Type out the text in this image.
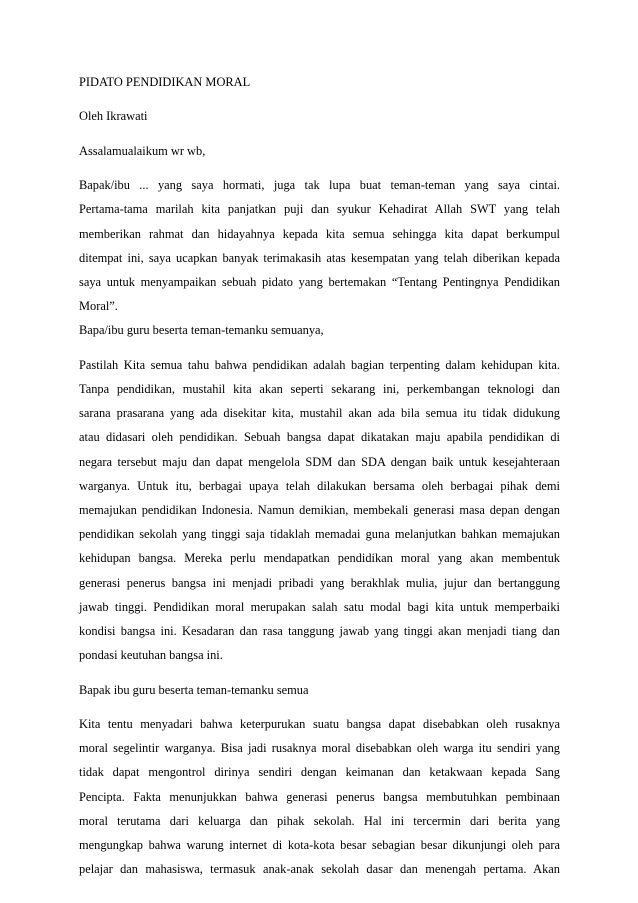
PIDATO PENDIDIKAN MORAL
Oleh Ikrawati
Assalamualaikum wr wb,
Bapak/ibu ... yang saya hormati, juga tak lupa buat teman-teman yang saya cintai.
Pertama-tama marilah kita panjatkan puji dan syukur Kehadirat Allah SWT yang telah
memberikan rahmat dan hidayahnya kepada kita semua sehingga kita dapat berkumpul
ditempat ini, saya ucapkan banyak terimakasih atas kesempatan yang telah diberikan kepada
saya untuk menyampaikan sebuah pidato yang bertemakan “Tentang Pentingnya Pendidikan
Moral”.
Bapa/ibu guru beserta teman-temanku semuanya,
Pastilah Kita semua tahu bahwa pendidikan adalah bagian terpenting dalam kehidupan kita.
Tanpa pendidikan, mustahil kita akan seperti sekarang ini, perkembangan teknologi dan
sarana prasarana yang ada disekitar kita, mustahil akan ada bila semua itu tidak didukung
atau didasari oleh pendidikan. Sebuah bangsa dapat dikatakan maju apabila pendidikan di
negara tersebut maju dan dapat mengelola SDM dan SDA dengan baik untuk kesejahteraan
warganya. Untuk itu, berbagai upaya telah dilakukan bersama oleh berbagai pihak demi
memajukan pendidikan Indonesia. Namun demikian, membekali generasi masa depan dengan
pendidikan sekolah yang tinggi saja tidaklah memadai guna melanjutkan bahkan memajukan
kehidupan bangsa. Mereka perlu mendapatkan pendidikan moral yang akan membentuk
generasi penerus bangsa ini menjadi pribadi yang berakhlak mulia, jujur dan bertanggung
jawab tinggi. Pendidikan moral merupakan salah satu modal bagi kita untuk memperbaiki
kondisi bangsa ini. Kesadaran dan rasa tanggung jawab yang tinggi akan menjadi tiang dan
pondasi keutuhan bangsa ini.
Bapak ibu guru beserta teman-temanku semua
Kita tentu menyadari bahwa keterpurukan suatu bangsa dapat disebabkan oleh rusaknya
moral segelintir warganya. Bisa jadi rusaknya moral disebabkan oleh warga itu sendiri yang
tidak dapat mengontrol dirinya sendiri dengan keimanan dan ketakwaan kepada Sang
Pencipta. Fakta menunjukkan bahwa generasi penerus bangsa membutuhkan pembinaan
moral terutama dari keluarga dan pihak sekolah. Hal ini tercermin dari berita yang
mengungkap bahwa warung internet di kota-kota besar sebagian besar dikunjungi oleh para
pelajar dan mahasiswa, termasuk anak-anak sekolah dasar dan menengah pertama. Akan
